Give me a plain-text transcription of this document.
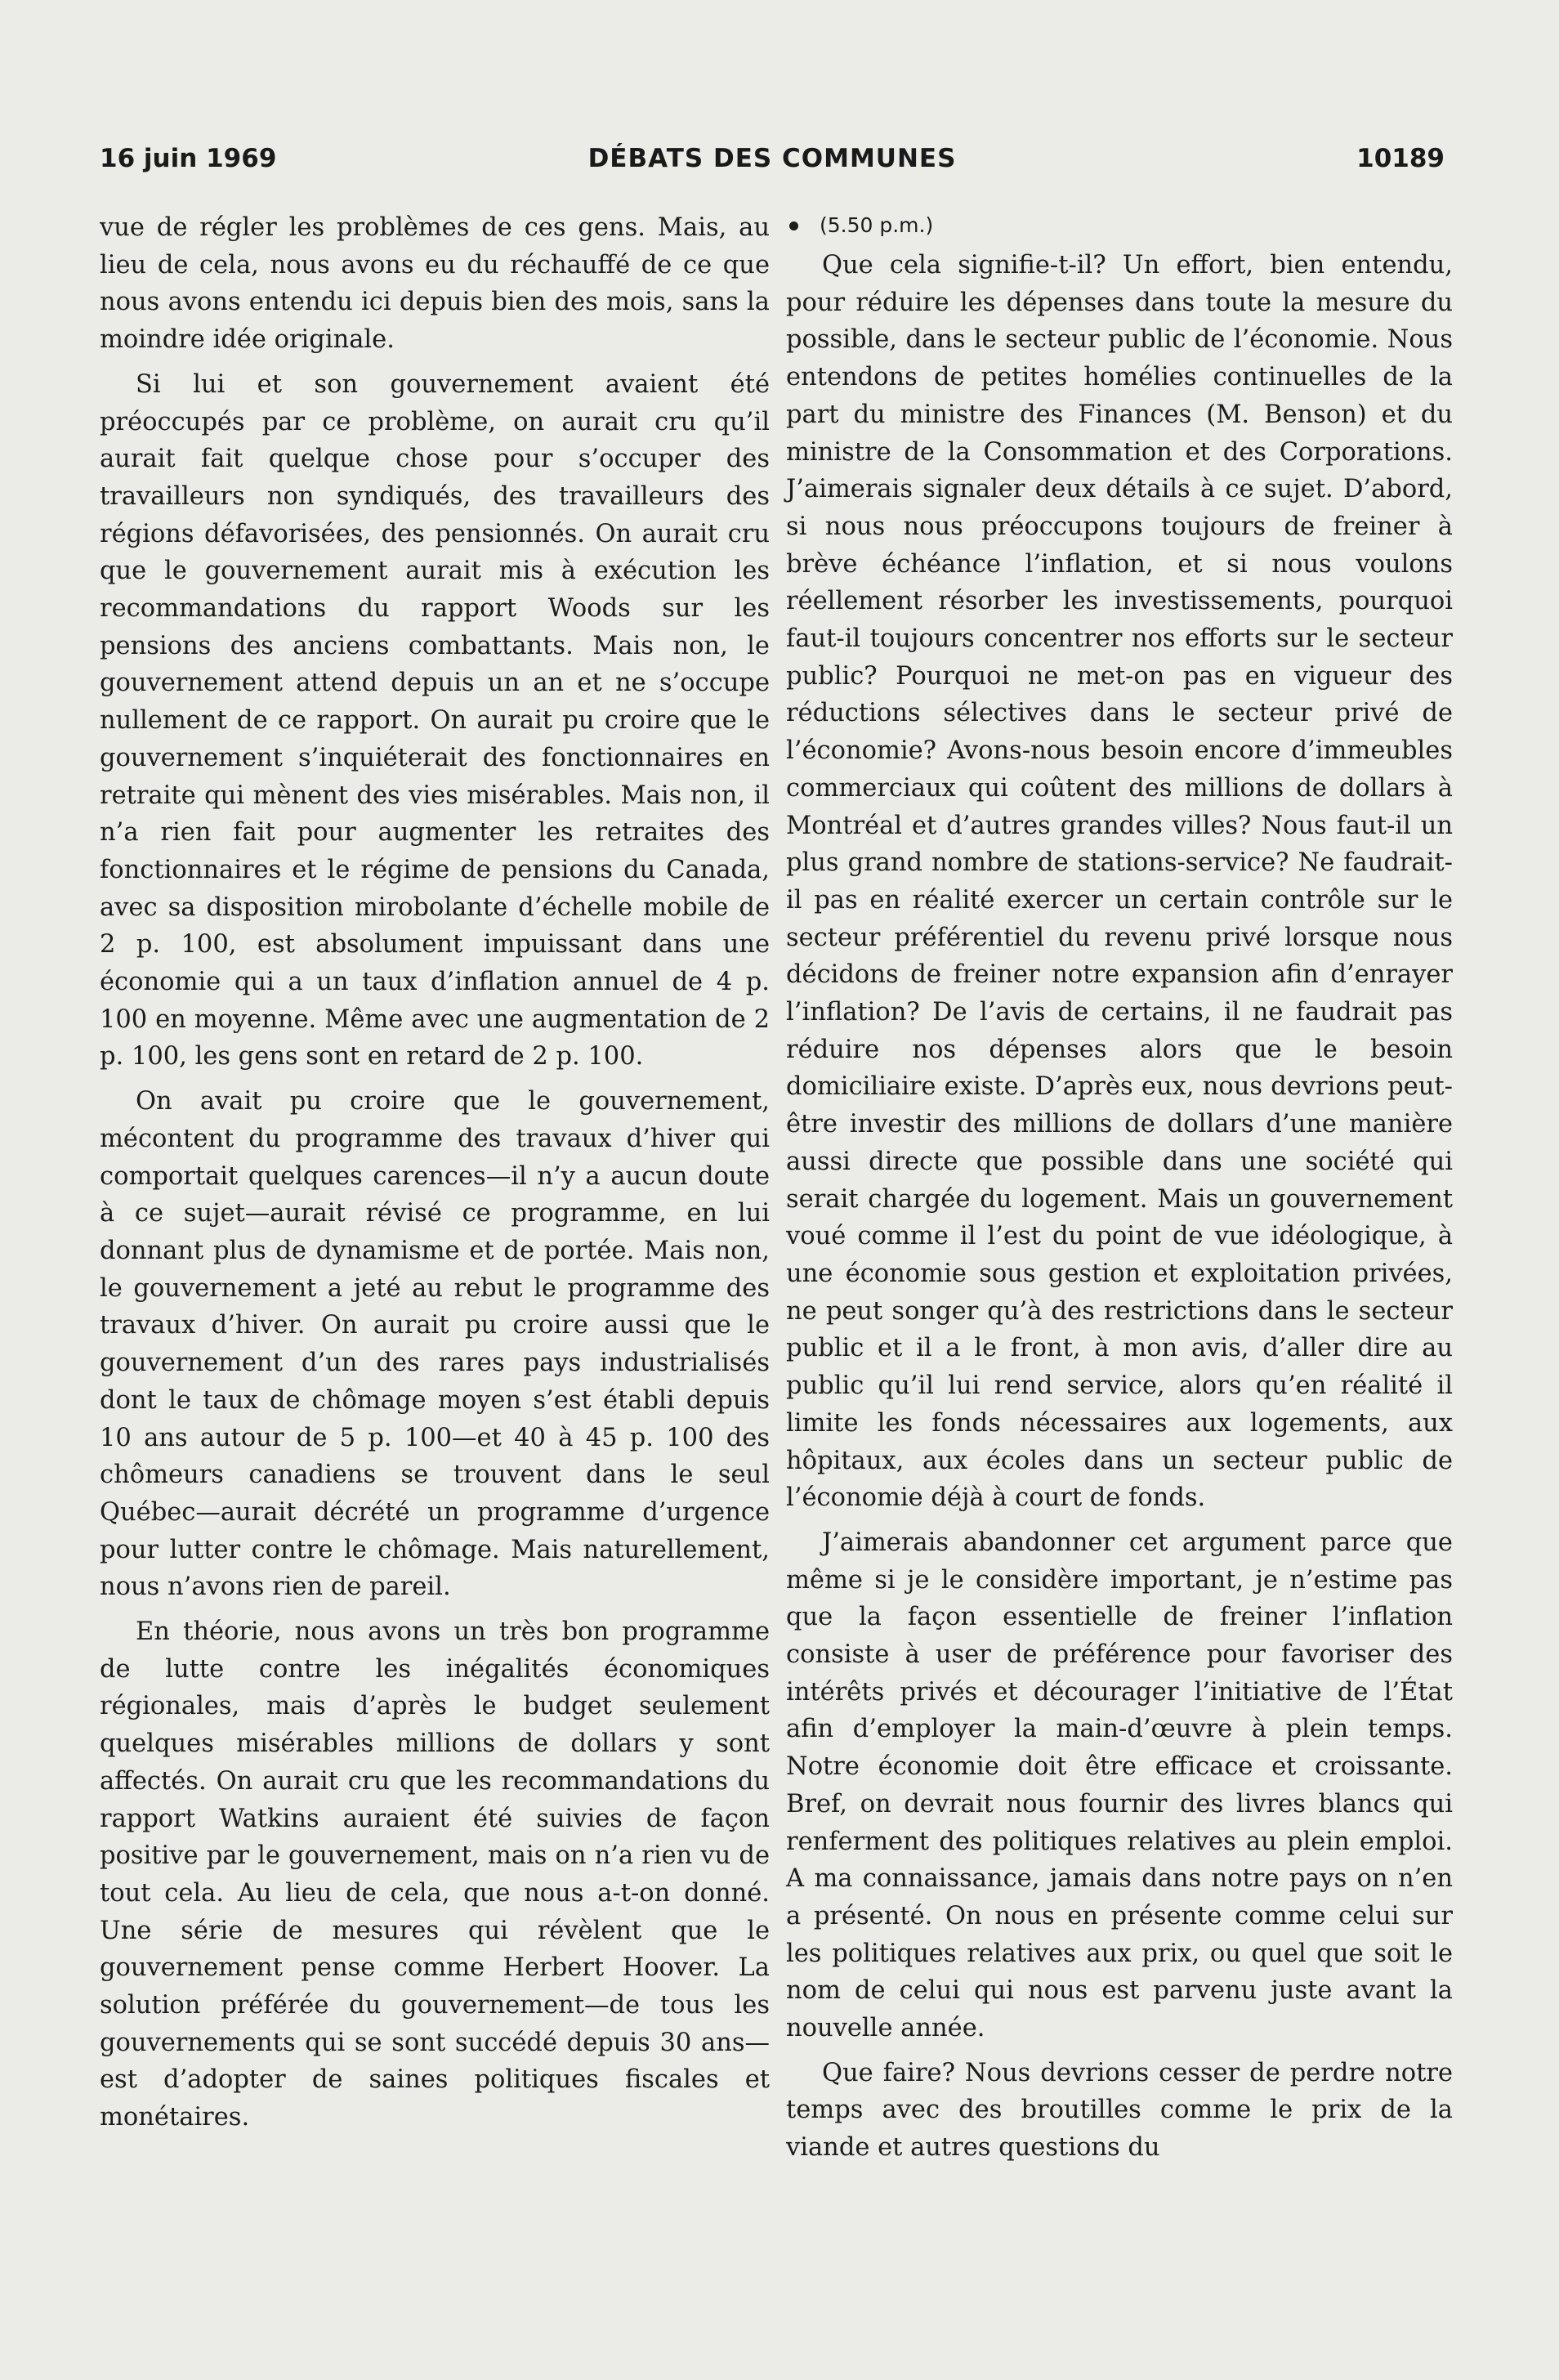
16 juin 1969	DÉBATS DES COMMUNES	10189

vue de régler les problèmes de ces gens. Mais, au lieu de cela, nous avons eu du réchauffé de ce que nous avons entendu ici depuis bien des mois, sans la moindre idée originale.

Si lui et son gouvernement avaient été préoccupés par ce problème, on aurait cru qu’il aurait fait quelque chose pour s’occuper des travailleurs non syndiqués, des travailleurs des régions défavorisées, des pensionnés. On aurait cru que le gouvernement aurait mis à exécution les recommandations du rapport Woods sur les pensions des anciens combattants. Mais non, le gouvernement attend depuis un an et ne s’occupe nullement de ce rapport. On aurait pu croire que le gouvernement s’inquiéterait des fonctionnaires en retraite qui mènent des vies misérables. Mais non, il n’a rien fait pour augmenter les retraites des fonctionnaires et le régime de pensions du Canada, avec sa disposition mirobolante d’échelle mobile de 2 p. 100, est absolument impuissant dans une économie qui a un taux d’inflation annuel de 4 p. 100 en moyenne. Même avec une augmentation de 2 p. 100, les gens sont en retard de 2 p. 100.

On avait pu croire que le gouvernement, mécontent du programme des travaux d’hiver qui comportait quelques carences—il n’y a aucun doute à ce sujet—aurait révisé ce programme, en lui donnant plus de dynamisme et de portée. Mais non, le gouvernement a jeté au rebut le programme des travaux d’hiver. On aurait pu croire aussi que le gouvernement d’un des rares pays industrialisés dont le taux de chômage moyen s’est établi depuis 10 ans autour de 5 p. 100—et 40 à 45 p. 100 des chômeurs canadiens se trouvent dans le seul Québec—aurait décrété un programme d’urgence pour lutter contre le chômage. Mais naturellement, nous n’avons rien de pareil.

En théorie, nous avons un très bon programme de lutte contre les inégalités économiques régionales, mais d’après le budget seulement quelques misérables millions de dollars y sont affectés. On aurait cru que les recommandations du rapport Watkins auraient été suivies de façon positive par le gouvernement, mais on n’a rien vu de tout cela. Au lieu de cela, que nous a-t-on donné. Une série de mesures qui révèlent que le gouvernement pense comme Herbert Hoover. La solution préférée du gouvernement—de tous les gouvernements qui se sont succédé depuis 30 ans—est d’adopter de saines politiques fiscales et monétaires.

(5.50 p.m.)

Que cela signifie-t-il? Un effort, bien entendu, pour réduire les dépenses dans toute la mesure du possible, dans le secteur public de l’économie. Nous entendons de petites homélies continuelles de la part du ministre des Finances (M. Benson) et du ministre de la Consommation et des Corporations. J’aimerais signaler deux détails à ce sujet. D’abord, si nous nous préoccupons toujours de freiner à brève échéance l’inflation, et si nous voulons réellement résorber les investissements, pourquoi faut-il toujours concentrer nos efforts sur le secteur public? Pourquoi ne met-on pas en vigueur des réductions sélectives dans le secteur privé de l’économie? Avons-nous besoin encore d’immeubles commerciaux qui coûtent des millions de dollars à Montréal et d’autres grandes villes? Nous faut-il un plus grand nombre de stations-service? Ne faudrait-il pas en réalité exercer un certain contrôle sur le secteur préférentiel du revenu privé lorsque nous décidons de freiner notre expansion afin d’enrayer l’inflation? De l’avis de certains, il ne faudrait pas réduire nos dépenses alors que le besoin domiciliaire existe. D’après eux, nous devrions peut-être investir des millions de dollars d’une manière aussi directe que possible dans une société qui serait chargée du logement. Mais un gouvernement voué comme il l’est du point de vue idéologique, à une économie sous gestion et exploitation privées, ne peut songer qu’à des restrictions dans le secteur public et il a le front, à mon avis, d’aller dire au public qu’il lui rend service, alors qu’en réalité il limite les fonds nécessaires aux logements, aux hôpitaux, aux écoles dans un secteur public de l’économie déjà à court de fonds.

J’aimerais abandonner cet argument parce que même si je le considère important, je n’estime pas que la façon essentielle de freiner l’inflation consiste à user de préférence pour favoriser des intérêts privés et décourager l’initiative de l’État afin d’employer la main-d’œuvre à plein temps. Notre économie doit être efficace et croissante. Bref, on devrait nous fournir des livres blancs qui renferment des politiques relatives au plein emploi. A ma connaissance, jamais dans notre pays on n’en a présenté. On nous en présente comme celui sur les politiques relatives aux prix, ou quel que soit le nom de celui qui nous est parvenu juste avant la nouvelle année.

Que faire? Nous devrions cesser de perdre notre temps avec des broutilles comme le prix de la viande et autres questions du
